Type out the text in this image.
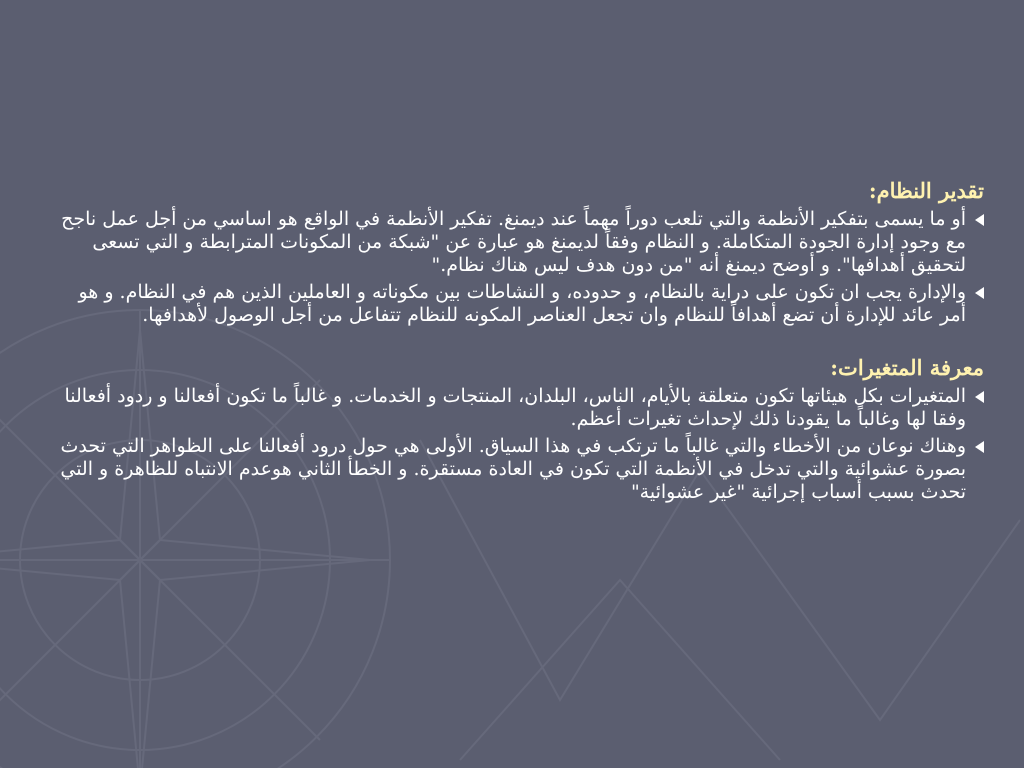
تقدير النظام:
أو ما يسمى بتفكير الأنظمة والتي تلعب دوراً مهماً عند ديمنغ. تفكير الأنظمة في الواقع هو اساسي من أجل عمل ناجح مع وجود إدارة الجودة المتكاملة. و النظام وفقاً لديمنغ هو عبارة عن "شبكة من المكونات المترابطة و التي تسعى لتحقيق أهدافها". و أوضح ديمنغ أنه "من دون هدف ليس هناك نظام."
والإدارة يجب ان تكون على دراية بالنظام، و حدوده، و النشاطات بين مكوناته و العاملين الذين هم في النظام. و هو أمر عائد للإدارة أن تضع أهدافاً للنظام وان تجعل العناصر المكونه للنظام تتفاعل من أجل الوصول لأهدافها.
معرفة المتغيرات:
المتغيرات بكل هيئاتها تكون متعلقة بالأيام، الناس، البلدان، المنتجات و الخدمات. و غالباً ما تكون أفعالنا و ردود أفعالنا وفقا لها وغالباً ما يقودنا ذلك لإحداث تغيرات أعظم.
وهناك نوعان من الأخطاء والتي غالباً ما ترتكب في هذا السياق. الأولى هي حول درود أفعالنا على الظواهر التي تحدث بصورة عشوائية والتي تدخل في الأنظمة التي تكون في العادة مستقرة. و الخطأ الثاني هوعدم الانتباه للظاهرة و التي تحدث بسبب أسباب إجرائية "غير عشوائية"
